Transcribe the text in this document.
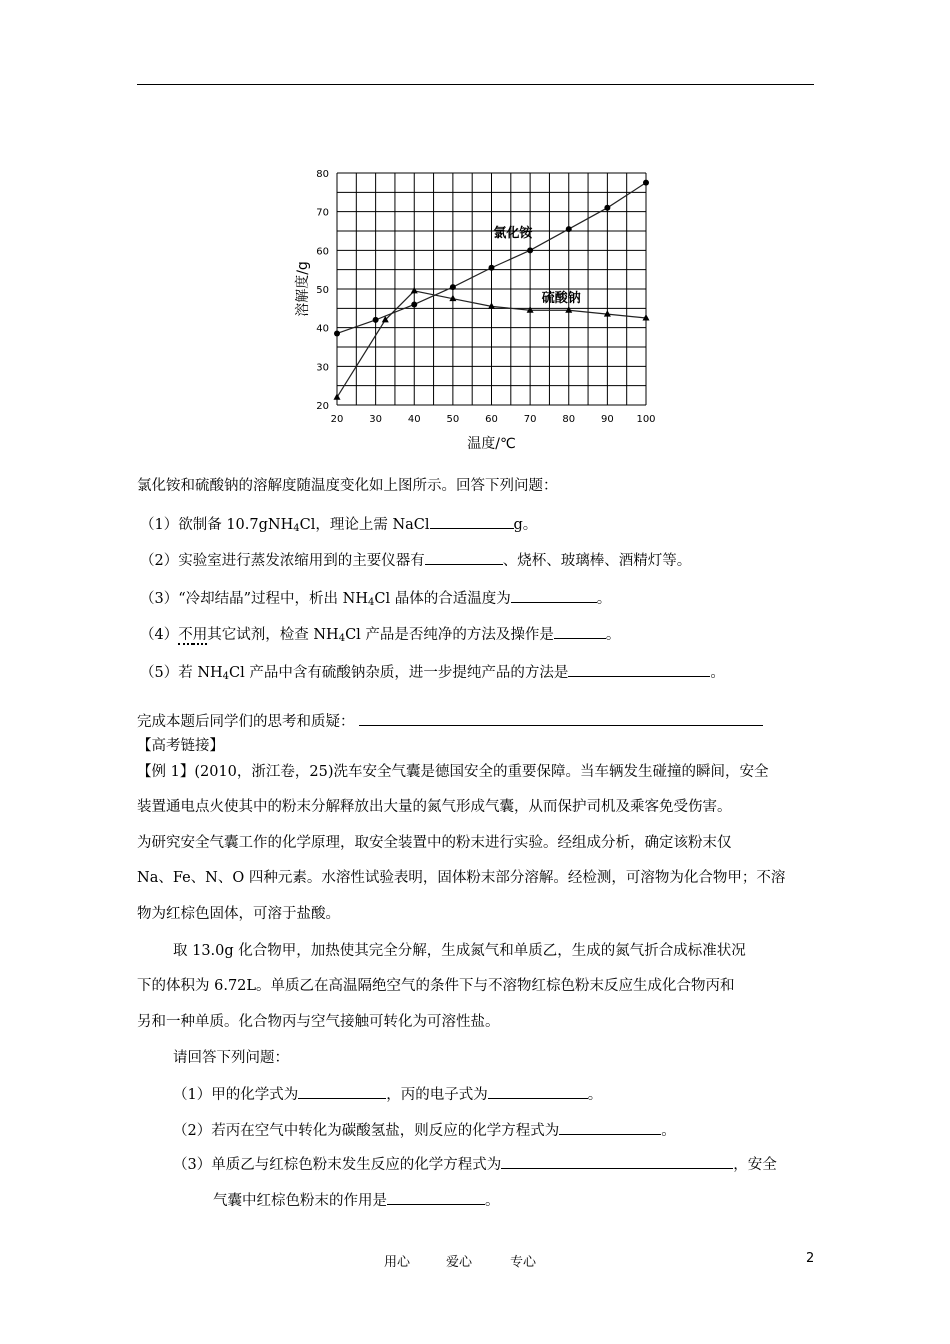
20	30	40	50	60	70	80	90 100
20
30
40
50
60
70
80
温度/℃
溶解度/g
氯化铵
硫酸钠
氯化铵和硫酸钠的溶解度随温度变化如上图所示。回答下列问题：
（1）欲制备 10.7gNH$_4$Cl，理论上需 NaCl	g。
（2）实验室进行蒸发浓缩用到的主要仪器有	、烧杯、玻璃棒、酒精灯等。
（3）“冷却结晶”过程中，析出 $NH_4Cl$ 晶体的合适温度为	。
（4）不用其它试剂，检查 $NH_4Cl$ 产品是否纯净的方法及操作是	。
（5）若 $NH_4Cl$ 产品中含有硫酸钠杂质，进一步提纯产品的方法是	。
完成本题后同学们的思考和质疑：
【高考链接】
【例 1】(2010，浙江卷，25)洗车安全气囊是德国安全的重要保障。当车辆发生碰撞的瞬间，安全
装置通电点火使其中的粉末分解释放出大量的氮气形成气囊，从而保护司机及乘客免受伤害。
为研究安全气囊工作的化学原理，取安全装置中的粉末进行实验。经组成分析，确定该粉末仅
Na、Fe、N、O 四种元素。水溶性试验表明，固体粉末部分溶解。经检测，可溶物为化合物甲；不溶
物为红棕色固体，可溶于盐酸。
取 13.0g 化合物甲，加热使其完全分解，生成氮气和单质乙，生成的氮气折合成标准状况
下的体积为 6.72L。单质乙在高温隔绝空气的条件下与不溶物红棕色粉末反应生成化合物丙和
另和一种单质。化合物丙与空气接触可转化为可溶性盐。
请回答下列问题：
（1）甲的化学式为	，丙的电子式为	。
（2）若丙在空气中转化为碳酸氢盐，则反应的化学方程式为	。
（3）单质乙与红棕色粉末发生反应的化学方程式为	，安全
气囊中红棕色粉末的作用是	。
用心	爱心	专心	2
